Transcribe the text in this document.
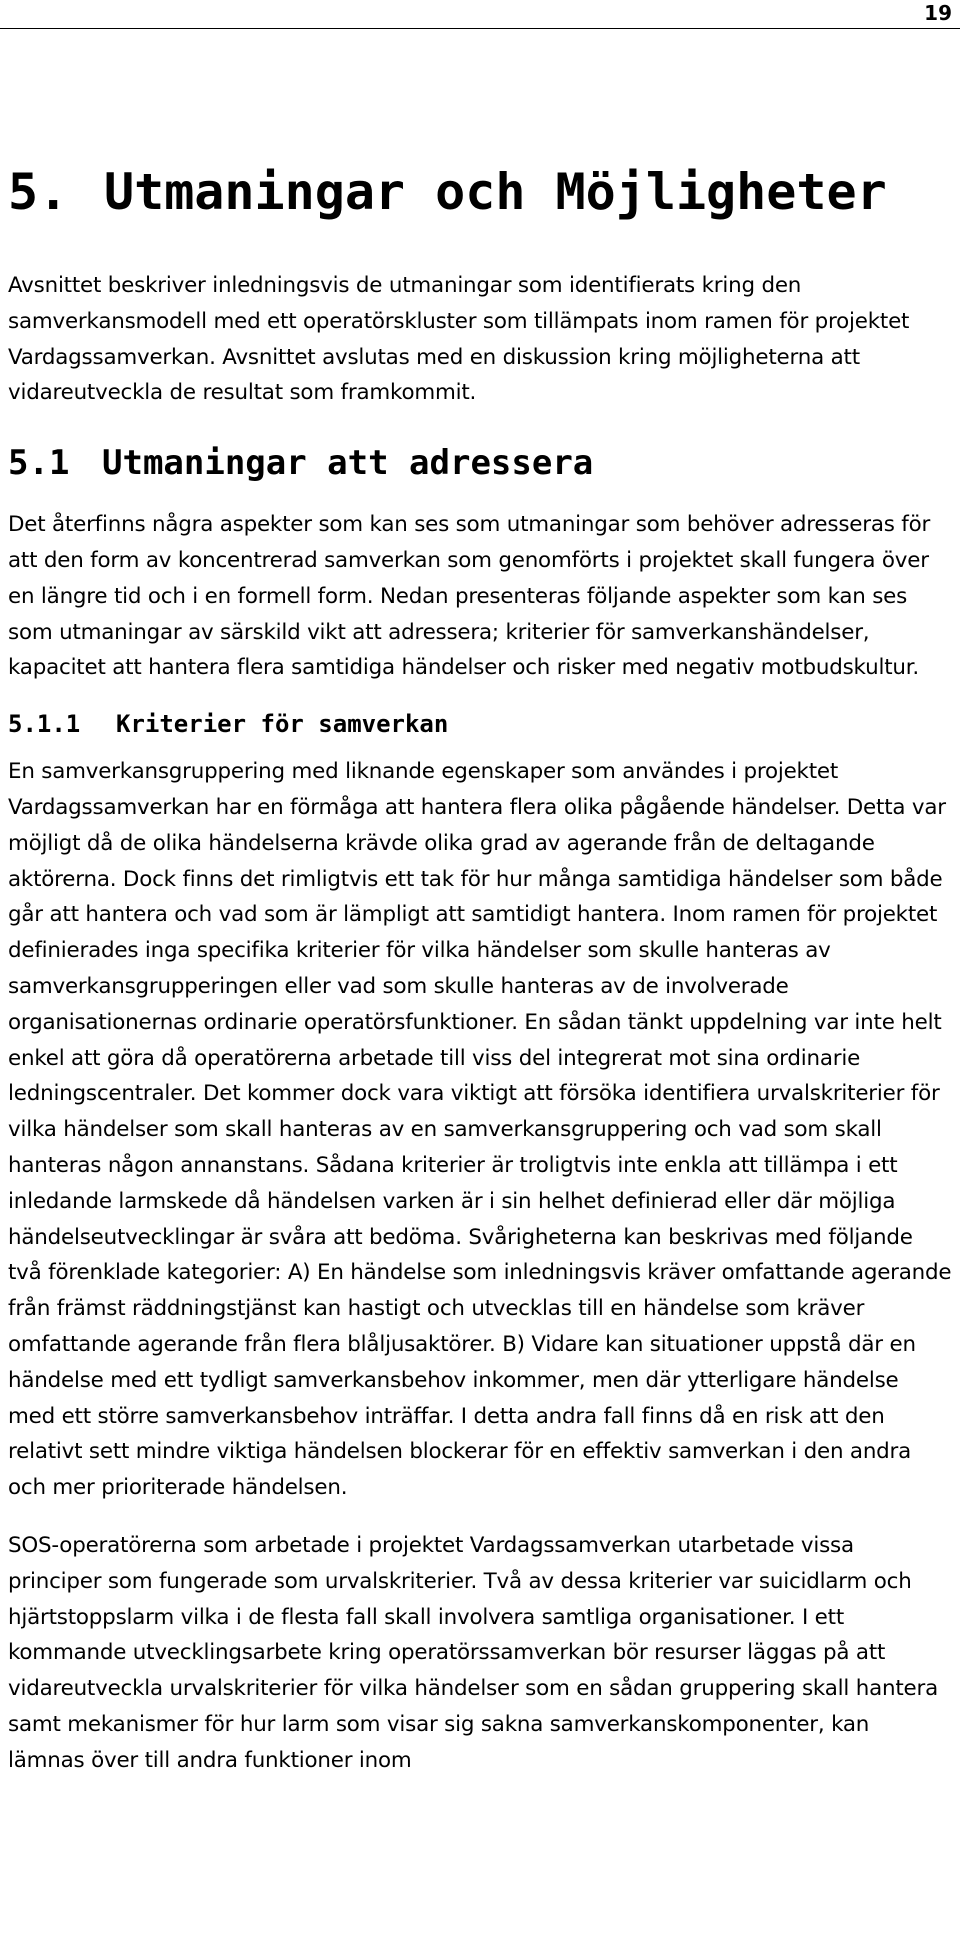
19
5. Utmaningar och Möjligheter

Avsnittet beskriver inledningsvis de utmaningar som identifierats kring den samverkansmodell med ett operatörskluster som tillämpats inom ramen för projektet Vardagssamverkan. Avsnittet avslutas med en diskussion kring möjligheterna att vidareutveckla de resultat som framkommit.

5.1 Utmaningar att adressera

Det återfinns några aspekter som kan ses som utmaningar som behöver adresseras för att den form av koncentrerad samverkan som genomförts i projektet skall fungera över en längre tid och i en formell form. Nedan presenteras följande aspekter som kan ses som utmaningar av särskild vikt att adressera; kriterier för samverkanshändelser, kapacitet att hantera flera samtidiga händelser och risker med negativ motbudskultur.

5.1.1 Kriterier för samverkan

En samverkansgruppering med liknande egenskaper som användes i projektet Vardagssamverkan har en förmåga att hantera flera olika pågående händelser. Detta var möjligt då de olika händelserna krävde olika grad av agerande från de deltagande aktörerna. Dock finns det rimligtvis ett tak för hur många samtidiga händelser som både går att hantera och vad som är lämpligt att samtidigt hantera. Inom ramen för projektet definierades inga specifika kriterier för vilka händelser som skulle hanteras av samverkansgrupperingen eller vad som skulle hanteras av de involverade organisationernas ordinarie operatörsfunktioner. En sådan tänkt uppdelning var inte helt enkel att göra då operatörerna arbetade till viss del integrerat mot sina ordinarie ledningscentraler. Det kommer dock vara viktigt att försöka identifiera urvalskriterier för vilka händelser som skall hanteras av en samverkansgruppering och vad som skall hanteras någon annanstans. Sådana kriterier är troligtvis inte enkla att tillämpa i ett inledande larmskede då händelsen varken är i sin helhet definierad eller där möjliga händelseutvecklingar är svåra att bedöma. Svårigheterna kan beskrivas med följande två förenklade kategorier: A) En händelse som inledningsvis kräver omfattande agerande från främst räddningstjänst kan hastigt och utvecklas till en händelse som kräver omfattande agerande från flera blåljusaktörer. B) Vidare kan situationer uppstå där en händelse med ett tydligt samverkansbehov inkommer, men där ytterligare händelse med ett större samverkansbehov inträffar. I detta andra fall finns då en risk att den relativt sett mindre viktiga händelsen blockerar för en effektiv samverkan i den andra och mer prioriterade händelsen.

SOS-operatörerna som arbetade i projektet Vardagssamverkan utarbetade vissa principer som fungerade som urvalskriterier. Två av dessa kriterier var suicidlarm och hjärtstoppslarm vilka i de flesta fall skall involvera samtliga organisationer. I ett kommande utvecklingsarbete kring operatörssamverkan bör resurser läggas på att vidareutveckla urvalskriterier för vilka händelser som en sådan gruppering skall hantera samt mekanismer för hur larm som visar sig sakna samverkanskomponenter, kan lämnas över till andra funktioner inom
